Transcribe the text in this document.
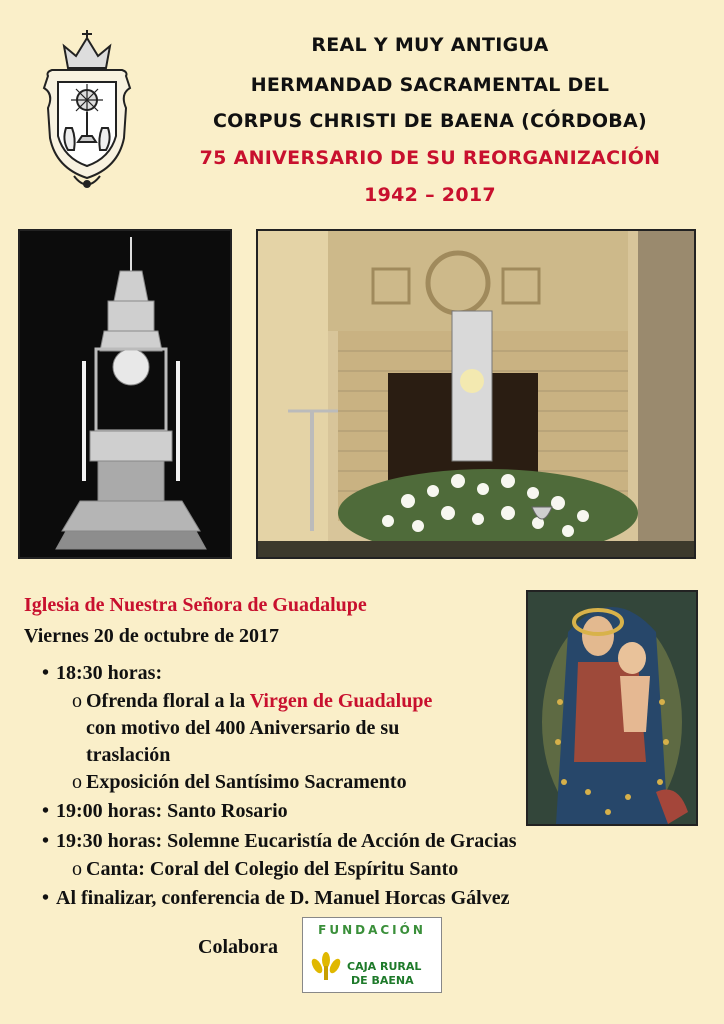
REAL Y MUY ANTIGUA
HERMANDAD SACRAMENTAL DEL
CORPUS CHRISTI DE BAENA (CÓRDOBA)
75 ANIVERSARIO DE SU REORGANIZACIÓN
1942 – 2017
Iglesia de Nuestra Señora de Guadalupe
Viernes 20 de octubre de 2017
• 18:30 horas:
o Ofrenda floral a la Virgen de Guadalupe
con motivo del 400 Aniversario de su
traslación
o Exposición del Santísimo Sacramento
• 19:00 horas: Santo Rosario
• 19:30 horas: Solemne Eucaristía de Acción de Gracias
o Canta: Coral del Colegio del Espíritu Santo
• Al finalizar, conferencia de D. Manuel Horcas Gálvez
Colabora
FUNDACIÓN
CAJA RURAL
DE BAENA
